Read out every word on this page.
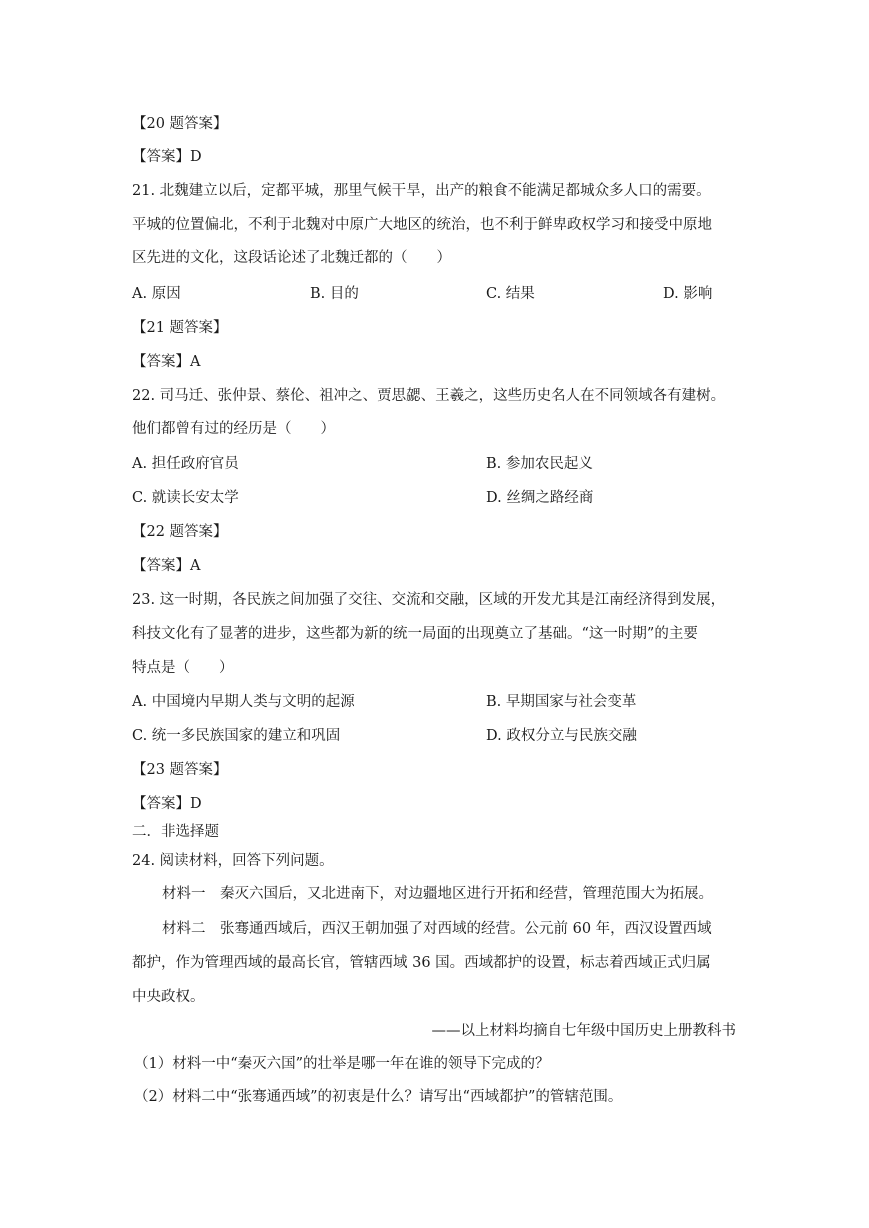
【20 题答案】
【答案】D
21. 北魏建立以后，定都平城，那里气候干旱，出产的粮食不能满足都城众多人口的需要。
平城的位置偏北，不利于北魏对中原广大地区的统治，也不利于鲜卑政权学习和接受中原地
区先进的文化，这段话论述了北魏迁都的（　　）
A. 原因	B. 目的	C. 结果	D. 影响
【21 题答案】
【答案】A
22. 司马迁、张仲景、蔡伦、祖冲之、贾思勰、王羲之，这些历史名人在不同领域各有建树。
他们都曾有过的经历是（　　）
A. 担任政府官员	B. 参加农民起义
C. 就读长安太学	D. 丝绸之路经商
【22 题答案】
【答案】A
23. 这一时期，各民族之间加强了交往、交流和交融，区域的开发尤其是江南经济得到发展，
科技文化有了显著的进步，这些都为新的统一局面的出现奠立了基础。“这一时期”的主要
特点是（　　）
A. 中国境内早期人类与文明的起源	B. 早期国家与社会变革
C. 统一多民族国家的建立和巩固	D. 政权分立与民族交融
【23 题答案】
【答案】D
二．非选择题
24. 阅读材料，回答下列问题。
材料一　秦灭六国后，又北进南下，对边疆地区进行开拓和经营，管理范围大为拓展。
材料二　张骞通西域后，西汉王朝加强了对西域的经营。公元前 60 年，西汉设置西域
都护，作为管理西域的最高长官，管辖西域 36 国。西域都护的设置，标志着西域正式归属
中央政权。
——以上材料均摘自七年级中国历史上册教科书
（1）材料一中“秦灭六国”的壮举是哪一年在谁的领导下完成的？
（2）材料二中“张骞通西域”的初衷是什么？请写出“西域都护”的管辖范围。
